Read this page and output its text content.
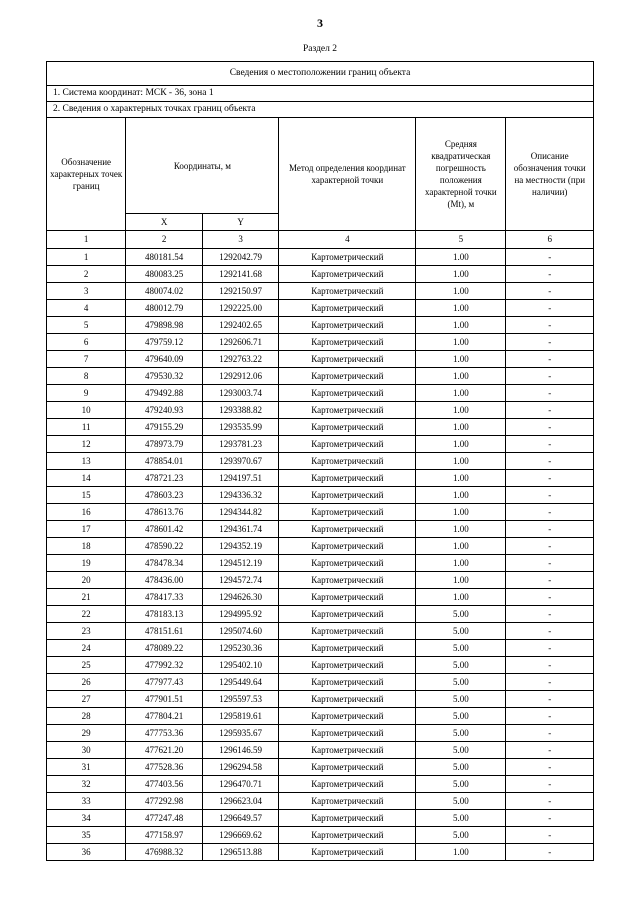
3
Раздел 2
Сведения о местоположении границ объекта					
1. Система координат: МСК - 36, зона 1					
2. Сведения о характерных точках границ объекта					
Обозначение характерных точек границ	Координаты, м		Метод определения координат характерной точки	Средняя квадратическая погрешность положения характерной точки (Mt), м	Описание обозначения точки на местности (при наличии)
	X	Y			
1	2	3	4	5	6
1	480181.54	1292042.79	Картометрический	1.00	-
2	480083.25	1292141.68	Картометрический	1.00	-
3	480074.02	1292150.97	Картометрический	1.00	-
4	480012.79	1292225.00	Картометрический	1.00	-
5	479898.98	1292402.65	Картометрический	1.00	-
6	479759.12	1292606.71	Картометрический	1.00	-
7	479640.09	1292763.22	Картометрический	1.00	-
8	479530.32	1292912.06	Картометрический	1.00	-
9	479492.88	1293003.74	Картометрический	1.00	-
10	479240.93	1293388.82	Картометрический	1.00	-
11	479155.29	1293535.99	Картометрический	1.00	-
12	478973.79	1293781.23	Картометрический	1.00	-
13	478854.01	1293970.67	Картометрический	1.00	-
14	478721.23	1294197.51	Картометрический	1.00	-
15	478603.23	1294336.32	Картометрический	1.00	-
16	478613.76	1294344.82	Картометрический	1.00	-
17	478601.42	1294361.74	Картометрический	1.00	-
18	478590.22	1294352.19	Картометрический	1.00	-
19	478478.34	1294512.19	Картометрический	1.00	-
20	478436.00	1294572.74	Картометрический	1.00	-
21	478417.33	1294626.30	Картометрический	1.00	-
22	478183.13	1294995.92	Картометрический	5.00	-
23	478151.61	1295074.60	Картометрический	5.00	-
24	478089.22	1295230.36	Картометрический	5.00	-
25	477992.32	1295402.10	Картометрический	5.00	-
26	477977.43	1295449.64	Картометрический	5.00	-
27	477901.51	1295597.53	Картометрический	5.00	-
28	477804.21	1295819.61	Картометрический	5.00	-
29	477753.36	1295935.67	Картометрический	5.00	-
30	477621.20	1296146.59	Картометрический	5.00	-
31	477528.36	1296294.58	Картометрический	5.00	-
32	477403.56	1296470.71	Картометрический	5.00	-
33	477292.98	1296623.04	Картометрический	5.00	-
34	477247.48	1296649.57	Картометрический	5.00	-
35	477158.97	1296669.62	Картометрический	5.00	-
36	476988.32	1296513.88	Картометрический	1.00	-
